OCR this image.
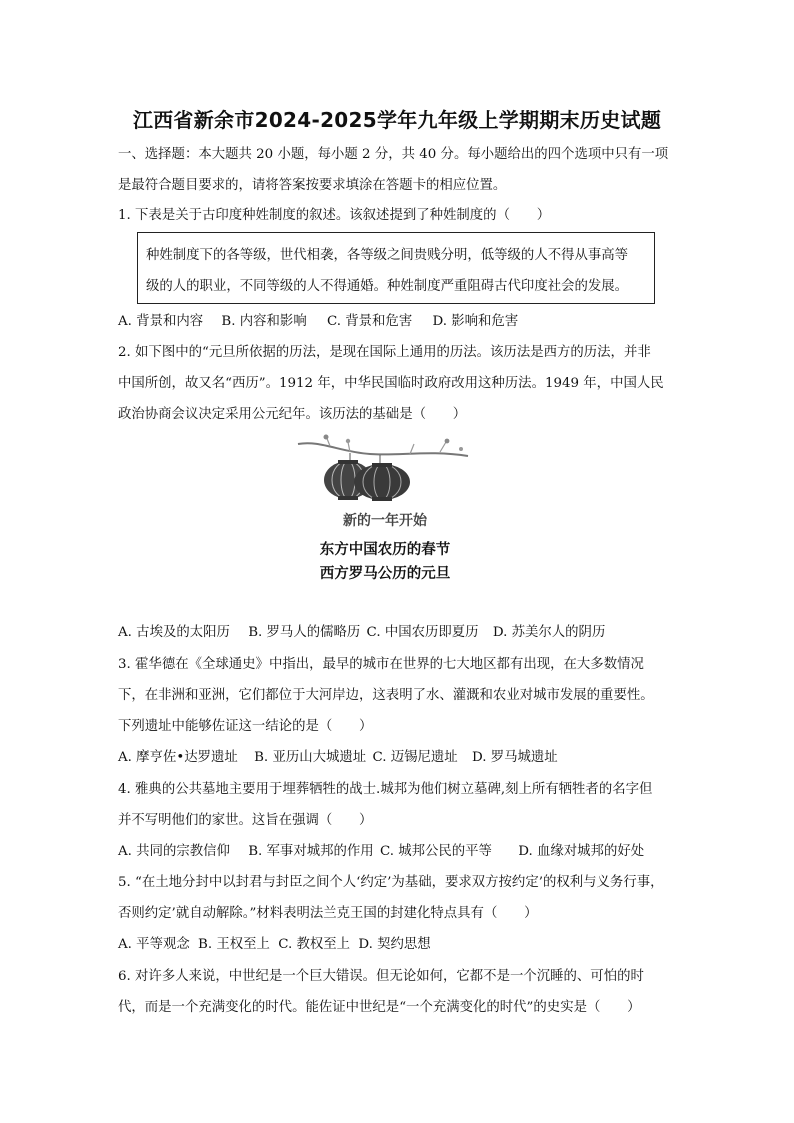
江西省新余市2024-2025学年九年级上学期期末历史试题
一、选择题：本大题共 20 小题，每小题 2 分，共 40 分。每小题给出的四个选项中只有一项
是最符合题目要求的，请将答案按要求填涂在答题卡的相应位置。
1. 下表是关于古印度种姓制度的叙述。该叙述提到了种姓制度的（　　）
种姓制度下的各等级，世代相袭，各等级之间贵贱分明，低等级的人不得从事高等
级的人的职业，不同等级的人不得通婚。种姓制度严重阻碍古代印度社会的发展。
A. 背景和内容 B. 内容和影响 C. 背景和危害 D. 影响和危害
2. 如下图中的“元旦所依据的历法，是现在国际上通用的历法。该历法是西方的历法，并非
中国所创，故又名“西历”。1912 年，中华民国临时政府改用这种历法。1949 年，中国人民
政治协商会议决定采用公元纪年。该历法的基础是（　　）
新的一年开始
东方中国农历的春节
西方罗马公历的元旦
A. 古埃及的太阳历 B. 罗马人的儒略历 C. 中国农历即夏历 D. 苏美尔人的阴历
3. 霍华德在《全球通史》中指出，最早的城市在世界的七大地区都有出现，在大多数情况
下，在非洲和亚洲，它们都位于大河岸边，这表明了水、灌溉和农业对城市发展的重要性。
下列遗址中能够佐证这一结论的是（　　）
A. 摩亨佐•达罗遗址 B. 亚历山大城遗址 C. 迈锡尼遗址 D. 罗马城遗址
4. 雅典的公共墓地主要用于埋葬牺牲的战士.城邦为他们树立墓碑,刻上所有牺牲者的名字但
并不写明他们的家世。这旨在强调（　　）
A. 共同的宗教信仰 B. 军事对城邦的作用 C. 城邦公民的平等 D. 血缘对城邦的好处
5. “在土地分封中以封君与封臣之间个人‘约定’为基础，要求双方按约定’的权利与义务行事，
否则约定’就自动解除。”材料表明法兰克王国的封建化特点具有（　　）
A. 平等观念 B. 王权至上 C. 教权至上 D. 契约思想
6. 对许多人来说，中世纪是一个巨大错误。但无论如何，它都不是一个沉睡的、可怕的时
代，而是一个充满变化的时代。能佐证中世纪是“一个充满变化的时代”的史实是（　　）
